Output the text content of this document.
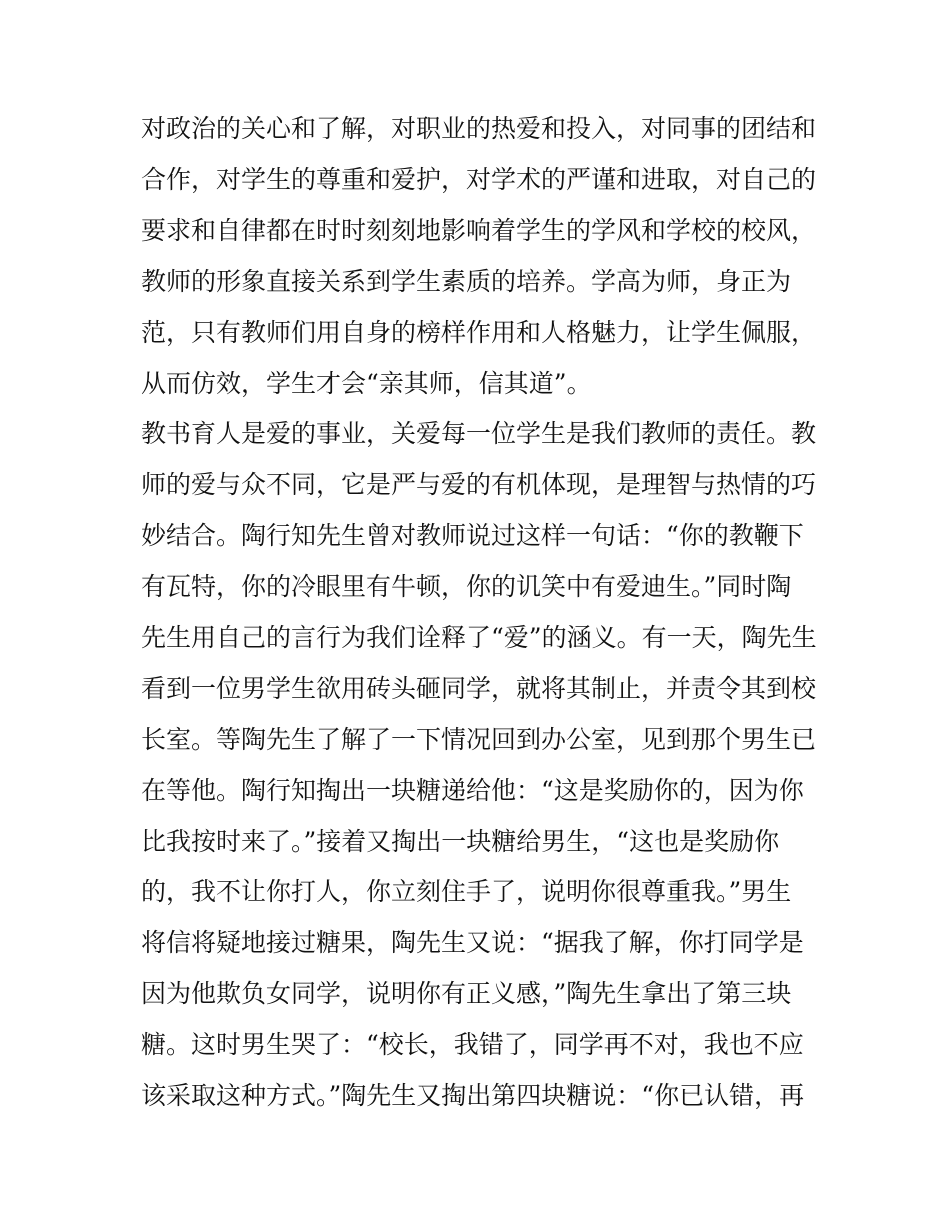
对政治的关心和了解，对职业的热爱和投入，对同事的团结和
合作，对学生的尊重和爱护，对学术的严谨和进取，对自己的
要求和自律都在时时刻刻地影响着学生的学风和学校的校风，
教师的形象直接关系到学生素质的培养。学高为师，身正为
范，只有教师们用自身的榜样作用和人格魅力，让学生佩服，
从而仿效，学生才会“亲其师，信其道”。
教书育人是爱的事业，关爱每一位学生是我们教师的责任。教
师的爱与众不同，它是严与爱的有机体现，是理智与热情的巧
妙结合。陶行知先生曾对教师说过这样一句话：“你的教鞭下
有瓦特，你的冷眼里有牛顿，你的讥笑中有爱迪生。”同时陶
先生用自己的言行为我们诠释了“爱”的涵义。有一天，陶先生
看到一位男学生欲用砖头砸同学，就将其制止，并责令其到校
长室。等陶先生了解了一下情况回到办公室，见到那个男生已
在等他。陶行知掏出一块糖递给他：“这是奖励你的，因为你
比我按时来了。”接着又掏出一块糖给男生，“这也是奖励你
的，我不让你打人，你立刻住手了，说明你很尊重我。”男生
将信将疑地接过糖果，陶先生又说：“据我了解，你打同学是
因为他欺负女同学，说明你有正义感，”陶先生拿出了第三块
糖。这时男生哭了：“校长，我错了，同学再不对，我也不应
该采取这种方式。”陶先生又掏出第四块糖说：“你已认错，再
